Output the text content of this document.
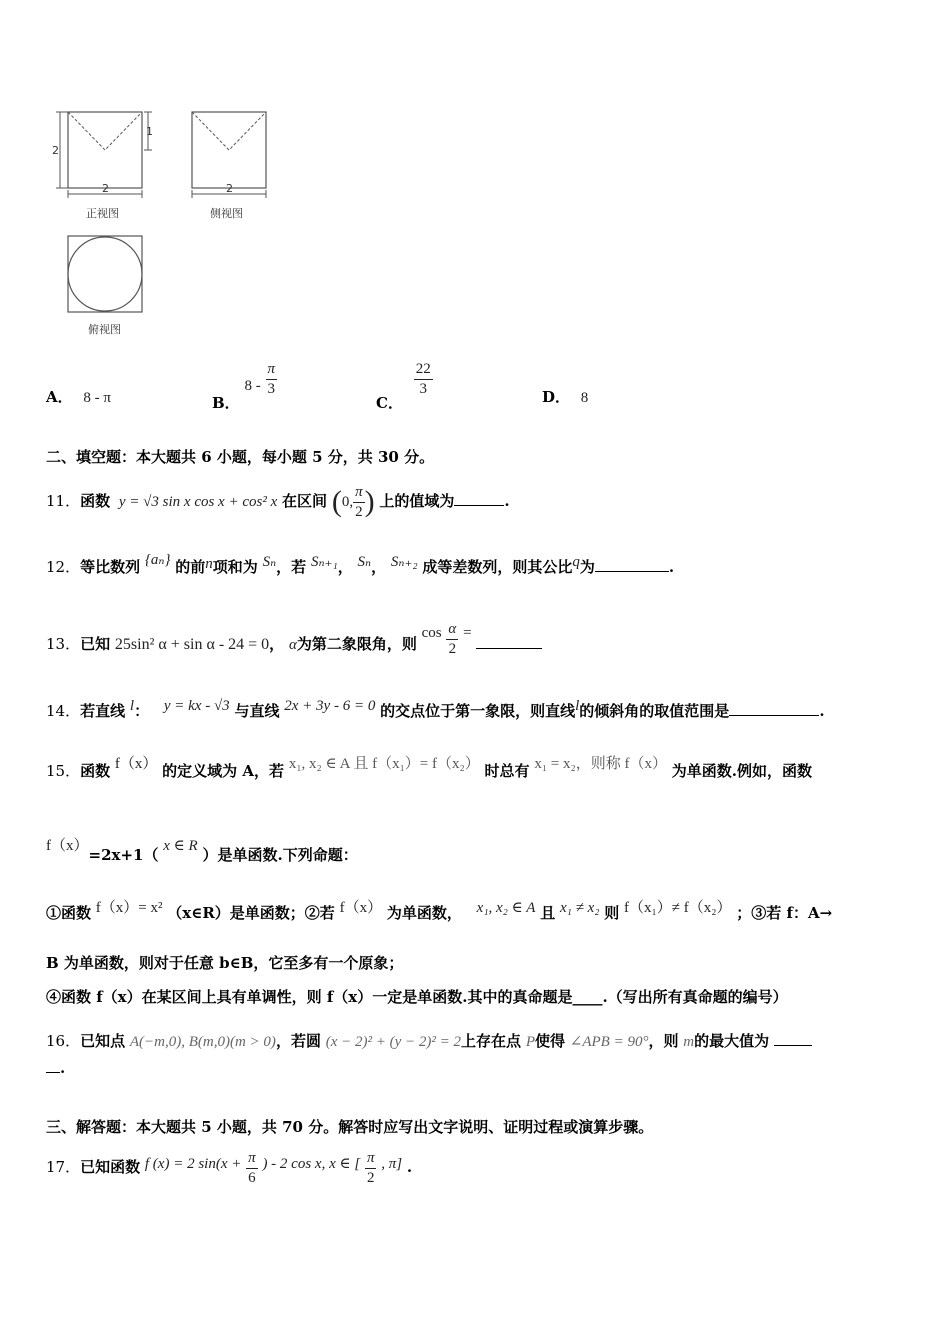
2
1
2
正视图
2
侧视图
俯视图
A． 8 - π	B． $8 - \frac{\pi}{3}$
C．
$\frac{22}{3}$	D． 8
二、填空题：本大题共 6 小题，每小题 5 分，共 30 分。
11．函数 y = √3 sin x cos x + cos² x 在区间 (0, $\frac{\pi}{2}$ ) 上的值域为	.
12．等比数列 {aₙ} 的前n项和为 Sₙ，若 Sₙ₊₁， Sₙ， Sₙ₊₂ 成等差数列，则其公比q为	.
13．已知 25sin² α + sin α - 24 = 0， α为第二象限角，则 $\cos \frac{\alpha}{2}$ =
14．若直线 l： y = kx - √3 与直线 2x + 3y - 6 = 0 的交点位于第一象限，则直线l的倾斜角的取值范围是	.
15．函数 f（x） 的定义域为 A，若 x₁, x₂ ∈ A 且 f（x₁）= f（x₂） 时总有 x₁ = x₂，则称 f（x） 为单函数.例如，函数
f（x）=2x+1（ x ∈ R ）是单函数.下列命题：
①函数 f（x）= x² （x∈R）是单函数；②若 f（x） 为单函数， x₁, x₂ ∈ A 且 x₁ ≠ x₂ 则 f（x₁）≠ f（x₂） ；③若 f：A→
B 为单函数，则对于任意 b∈B，它至多有一个原象；
④函数 f（x）在某区间上具有单调性，则 f（x）一定是单函数.其中的真命题是____.（写出所有真命题的编号）
16．已知点 A(−m,0), B(m,0)(m > 0)，若圆 (x − 2)² + (y − 2)² = 2上存在点 P使得 ∠APB = 90°，则 m的最大值为
.
三、解答题：本大题共 5 小题，共 70 分。解答时应写出文字说明、证明过程或演算步骤。
17．已知函数 f (x) = 2 $\sin(x + \frac{\pi}{6}$ ) - 2 cos x, x ∈ [ $\frac{\pi}{2}$ , π] .
